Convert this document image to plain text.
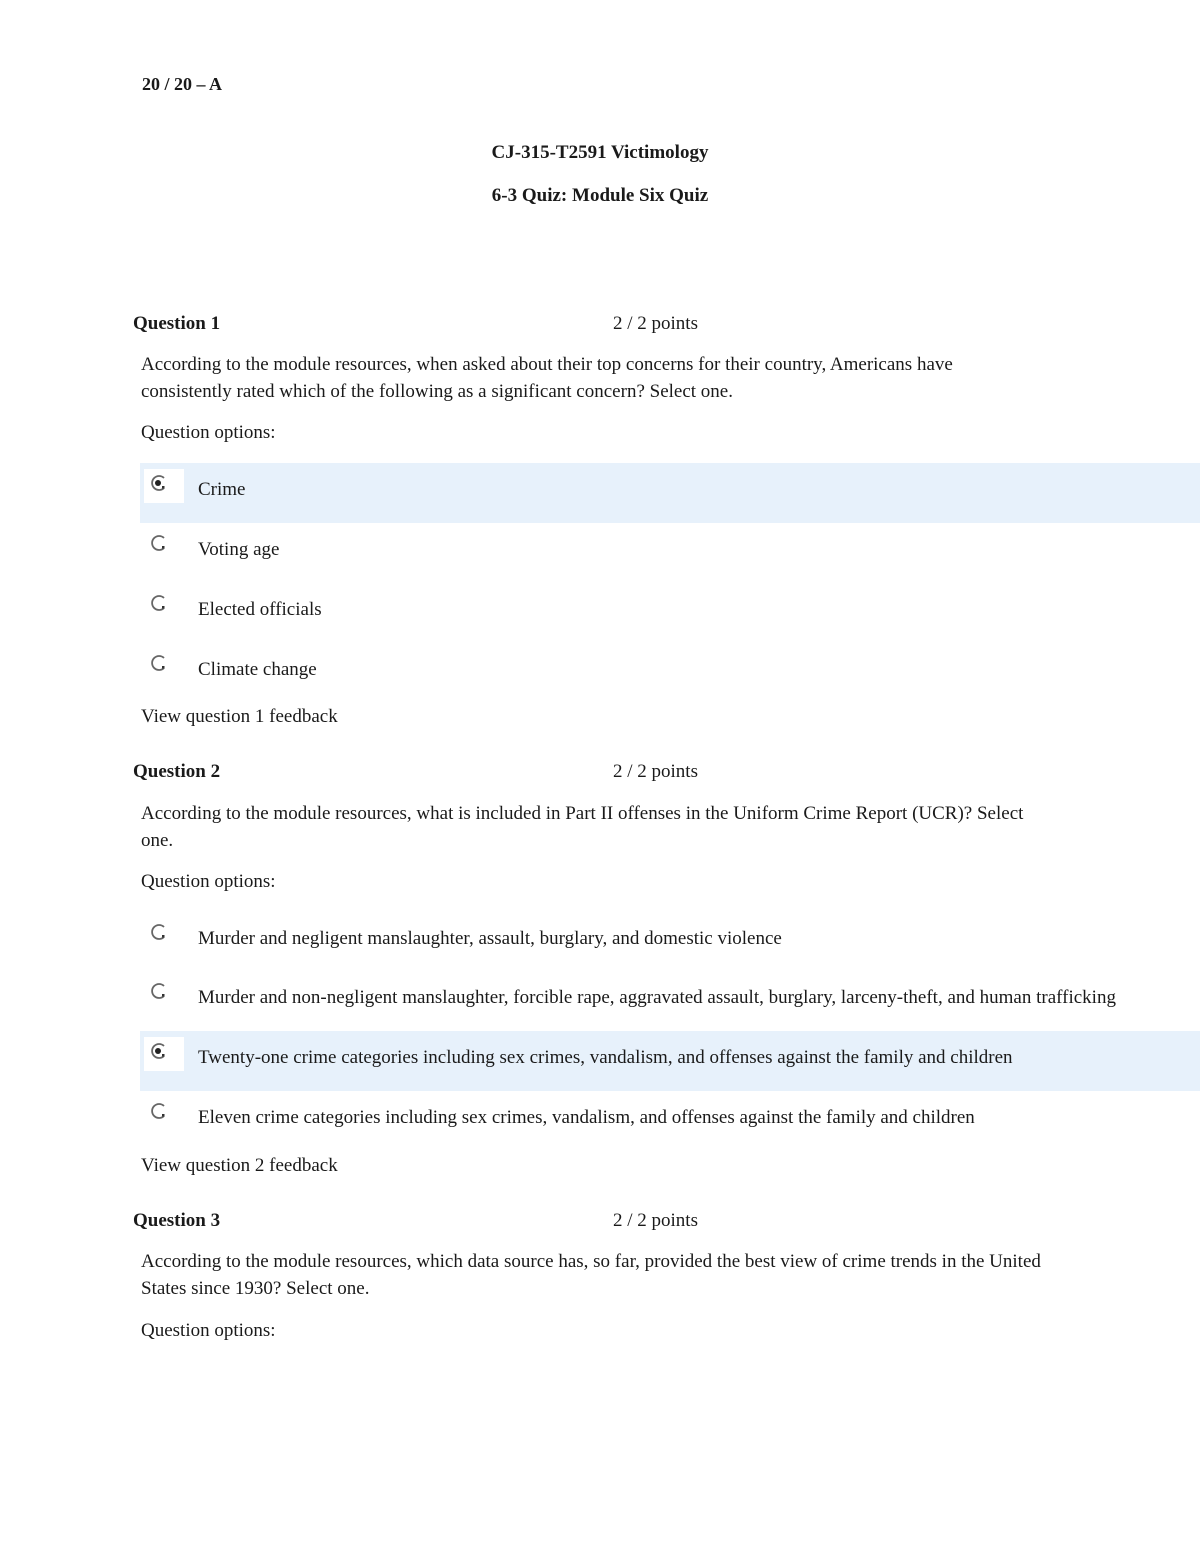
20 / 20 – A
CJ-315-T2591 Victimology
6-3 Quiz: Module Six Quiz
Question 1	2 / 2 points
According to the module resources, when asked about their top concerns for their country, Americans have consistently rated which of the following as a significant concern? Select one.
Question options:
Crime
Voting age
Elected officials
Climate change
View question 1 feedback
Question 2	2 / 2 points
According to the module resources, what is included in Part II offenses in the Uniform Crime Report (UCR)? Select one.
Question options:
Murder and negligent manslaughter, assault, burglary, and domestic violence
Murder and non-negligent manslaughter, forcible rape, aggravated assault, burglary, larceny-theft, and human trafficking
Twenty-one crime categories including sex crimes, vandalism, and offenses against the family and children
Eleven crime categories including sex crimes, vandalism, and offenses against the family and children
View question 2 feedback
Question 3	2 / 2 points
According to the module resources, which data source has, so far, provided the best view of crime trends in the United States since 1930? Select one.
Question options:
